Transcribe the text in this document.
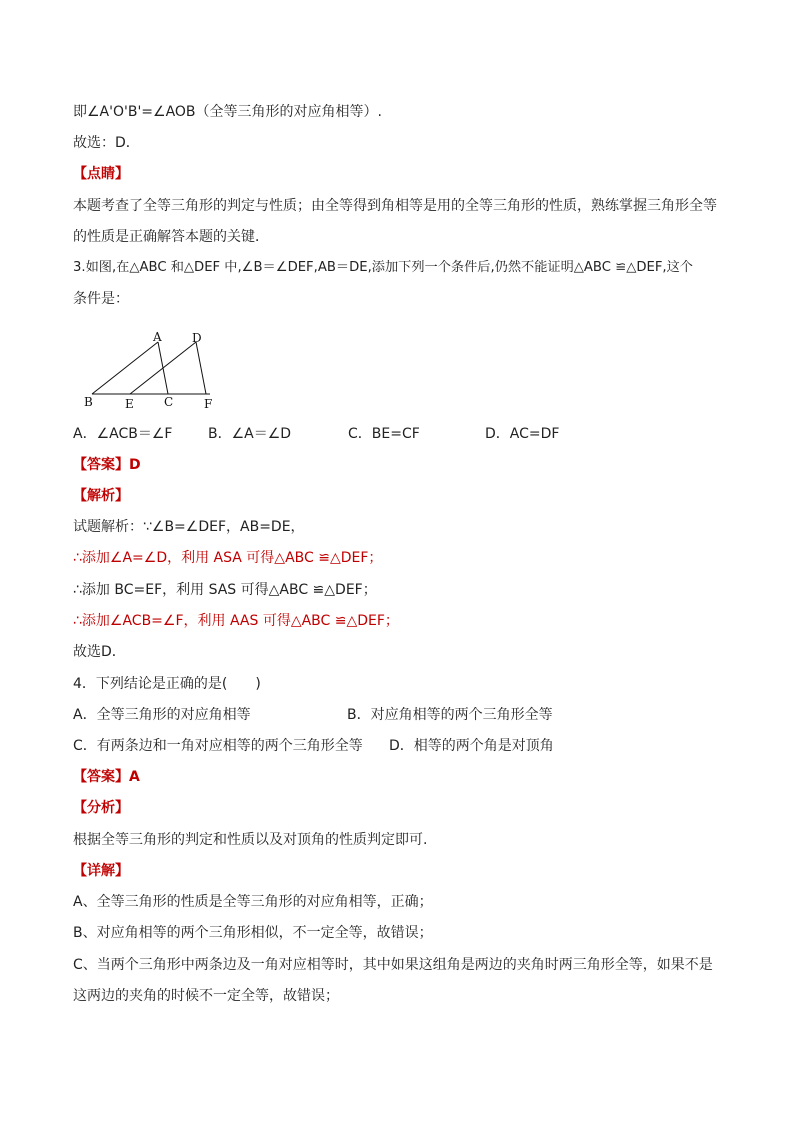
即∠A'O'B'=∠AOB（全等三角形的对应角相等）.
故选：D．
【点睛】
本题考查了全等三角形的判定与性质；由全等得到角相等是用的全等三角形的性质，熟练掌握三角形全等
的性质是正确解答本题的关键．
3.如图,在△ABC 和△DEF 中,∠B＝∠DEF,AB＝DE,添加下列一个条件后,仍然不能证明△ABC ≌△DEF,这个
条件是：
A	D
B	E	C	F
A．∠ACB＝∠F	B．∠A＝∠D	C．BE=CF	D．AC=DF
【答案】D
【解析】
试题解析：∵∠B=∠DEF，AB=DE，
∴添加∠A=∠D，利用 ASA 可得△ABC ≌△DEF；
∴添加 BC=EF，利用 SAS 可得△ABC ≌△DEF；
∴添加∠ACB=∠F，利用 AAS 可得△ABC ≌△DEF；
故选D．
4．下列结论是正确的是(　　)
A．全等三角形的对应角相等	B．对应角相等的两个三角形全等
C．有两条边和一角对应相等的两个三角形全等 D．相等的两个角是对顶角
【答案】A
【分析】
根据全等三角形的判定和性质以及对顶角的性质判定即可.
【详解】
A、全等三角形的性质是全等三角形的对应角相等，正确；
B、对应角相等的两个三角形相似，不一定全等，故错误；
C、当两个三角形中两条边及一角对应相等时，其中如果这组角是两边的夹角时两三角形全等，如果不是
这两边的夹角的时候不一定全等，故错误；
